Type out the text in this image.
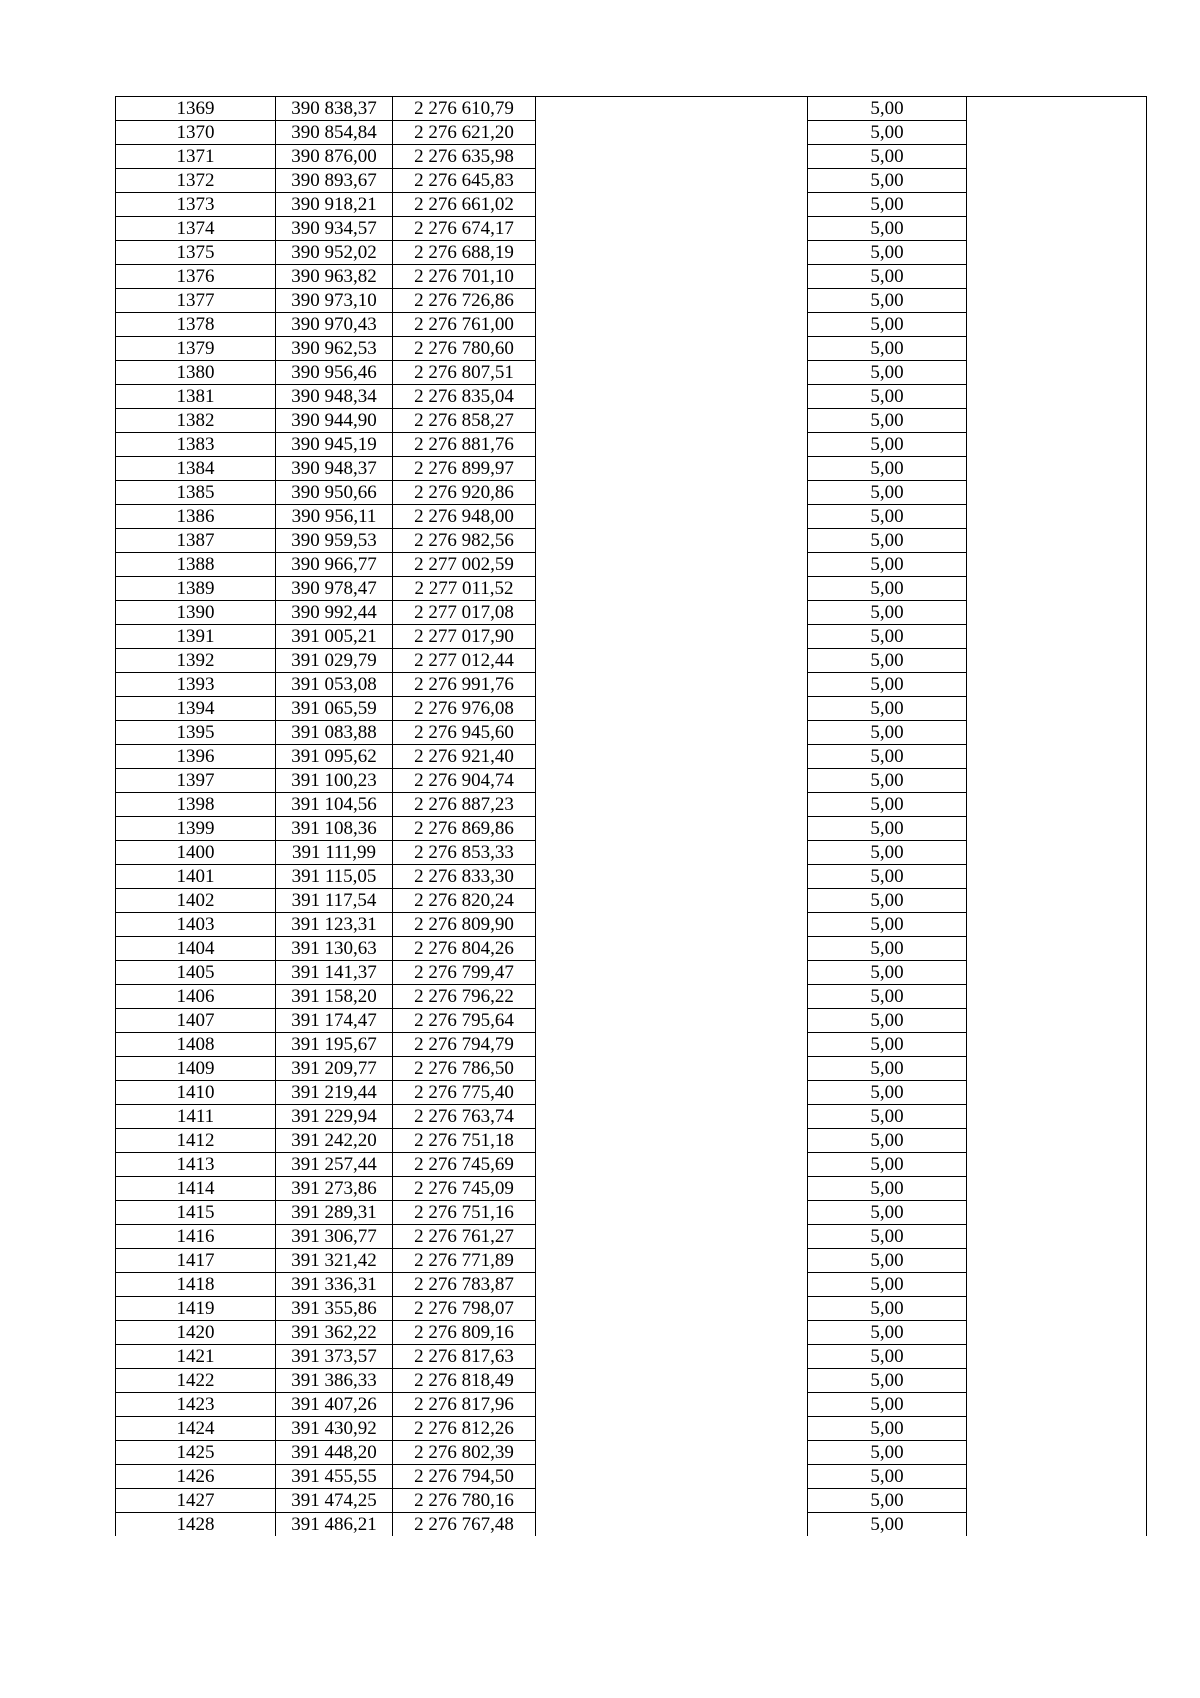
1369	390 838,37	2 276 610,79		5,00	
1370	390 854,84	2 276 621,20		5,00	
1371	390 876,00	2 276 635,98		5,00	
1372	390 893,67	2 276 645,83		5,00	
1373	390 918,21	2 276 661,02		5,00	
1374	390 934,57	2 276 674,17		5,00	
1375	390 952,02	2 276 688,19		5,00	
1376	390 963,82	2 276 701,10		5,00	
1377	390 973,10	2 276 726,86		5,00	
1378	390 970,43	2 276 761,00		5,00	
1379	390 962,53	2 276 780,60		5,00	
1380	390 956,46	2 276 807,51		5,00	
1381	390 948,34	2 276 835,04		5,00	
1382	390 944,90	2 276 858,27		5,00	
1383	390 945,19	2 276 881,76		5,00	
1384	390 948,37	2 276 899,97		5,00	
1385	390 950,66	2 276 920,86		5,00	
1386	390 956,11	2 276 948,00		5,00	
1387	390 959,53	2 276 982,56		5,00	
1388	390 966,77	2 277 002,59		5,00	
1389	390 978,47	2 277 011,52		5,00	
1390	390 992,44	2 277 017,08		5,00	
1391	391 005,21	2 277 017,90		5,00	
1392	391 029,79	2 277 012,44		5,00	
1393	391 053,08	2 276 991,76		5,00	
1394	391 065,59	2 276 976,08		5,00	
1395	391 083,88	2 276 945,60		5,00	
1396	391 095,62	2 276 921,40		5,00	
1397	391 100,23	2 276 904,74		5,00	
1398	391 104,56	2 276 887,23		5,00	
1399	391 108,36	2 276 869,86		5,00	
1400	391 111,99	2 276 853,33		5,00	
1401	391 115,05	2 276 833,30		5,00	
1402	391 117,54	2 276 820,24		5,00	
1403	391 123,31	2 276 809,90		5,00	
1404	391 130,63	2 276 804,26		5,00	
1405	391 141,37	2 276 799,47		5,00	
1406	391 158,20	2 276 796,22		5,00	
1407	391 174,47	2 276 795,64		5,00	
1408	391 195,67	2 276 794,79		5,00	
1409	391 209,77	2 276 786,50		5,00	
1410	391 219,44	2 276 775,40		5,00	
1411	391 229,94	2 276 763,74		5,00	
1412	391 242,20	2 276 751,18		5,00	
1413	391 257,44	2 276 745,69		5,00	
1414	391 273,86	2 276 745,09		5,00	
1415	391 289,31	2 276 751,16		5,00	
1416	391 306,77	2 276 761,27		5,00	
1417	391 321,42	2 276 771,89		5,00	
1418	391 336,31	2 276 783,87		5,00	
1419	391 355,86	2 276 798,07		5,00	
1420	391 362,22	2 276 809,16		5,00	
1421	391 373,57	2 276 817,63		5,00	
1422	391 386,33	2 276 818,49		5,00	
1423	391 407,26	2 276 817,96		5,00	
1424	391 430,92	2 276 812,26		5,00	
1425	391 448,20	2 276 802,39		5,00	
1426	391 455,55	2 276 794,50		5,00	
1427	391 474,25	2 276 780,16		5,00	
1428	391 486,21	2 276 767,48		5,00	
